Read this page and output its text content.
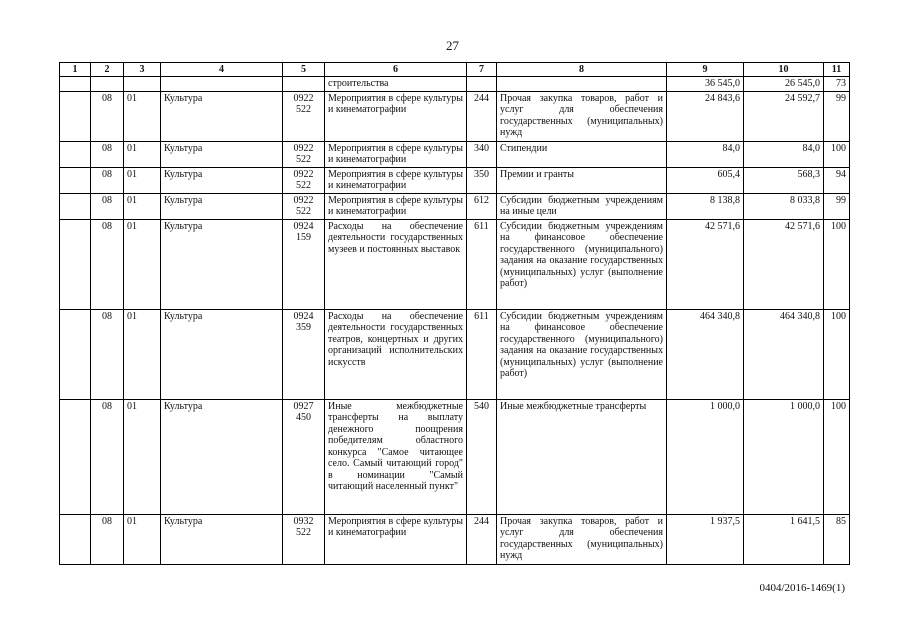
27
1	2	3	4	5	6	7	8	9	10	11
					строительства			36 545,0	26 545,0	73
	08	01	Культура	0922 522	Мероприятия в сфере культуры и кинематографии	244	Прочая закупка товаров, работ и услуг для обеспечения государственных (муниципальных) нужд	24 843,6	24 592,7	99
	08	01	Культура	0922 522	Мероприятия в сфере культуры и кинематографии	340	Стипендии	84,0	84,0	100
	08	01	Культура	0922 522	Мероприятия в сфере культуры и кинематографии	350	Премии и гранты	605,4	568,3	94
	08	01	Культура	0922 522	Мероприятия в сфере культуры и кинематографии	612	Субсидии бюджетным учреждениям на иные цели	8 138,8	8 033,8	99
	08	01	Культура	0924 159	Расходы на обеспечение деятельности государственных музеев и постоянных выставок	611	Субсидии бюджетным учреждениям на финансовое обеспечение государственного (муниципального) задания на оказание государственных (муниципальных) услуг (выполнение работ)	42 571,6	42 571,6	100
	08	01	Культура	0924 359	Расходы на обеспечение деятельности государственных театров, концертных и других организаций исполнительских искусств	611	Субсидии бюджетным учреждениям на финансовое обеспечение государственного (муниципального) задания на оказание государственных (муниципальных) услуг (выполнение работ)	464 340,8	464 340,8	100
	08	01	Культура	0927 450	Иные межбюджетные трансферты на выплату денежного поощрения победителям областного конкурса "Самое читающее село. Самый читающий город" в номинации "Самый читающий населенный пункт"	540	Иные межбюджетные трансферты	1 000,0	1 000,0	100
	08	01	Культура	0932 522	Мероприятия в сфере культуры и кинематографии	244	Прочая закупка товаров, работ и услуг для обеспечения государственных (муниципальных) нужд	1 937,5	1 641,5	85
0404/2016-1469(1)
